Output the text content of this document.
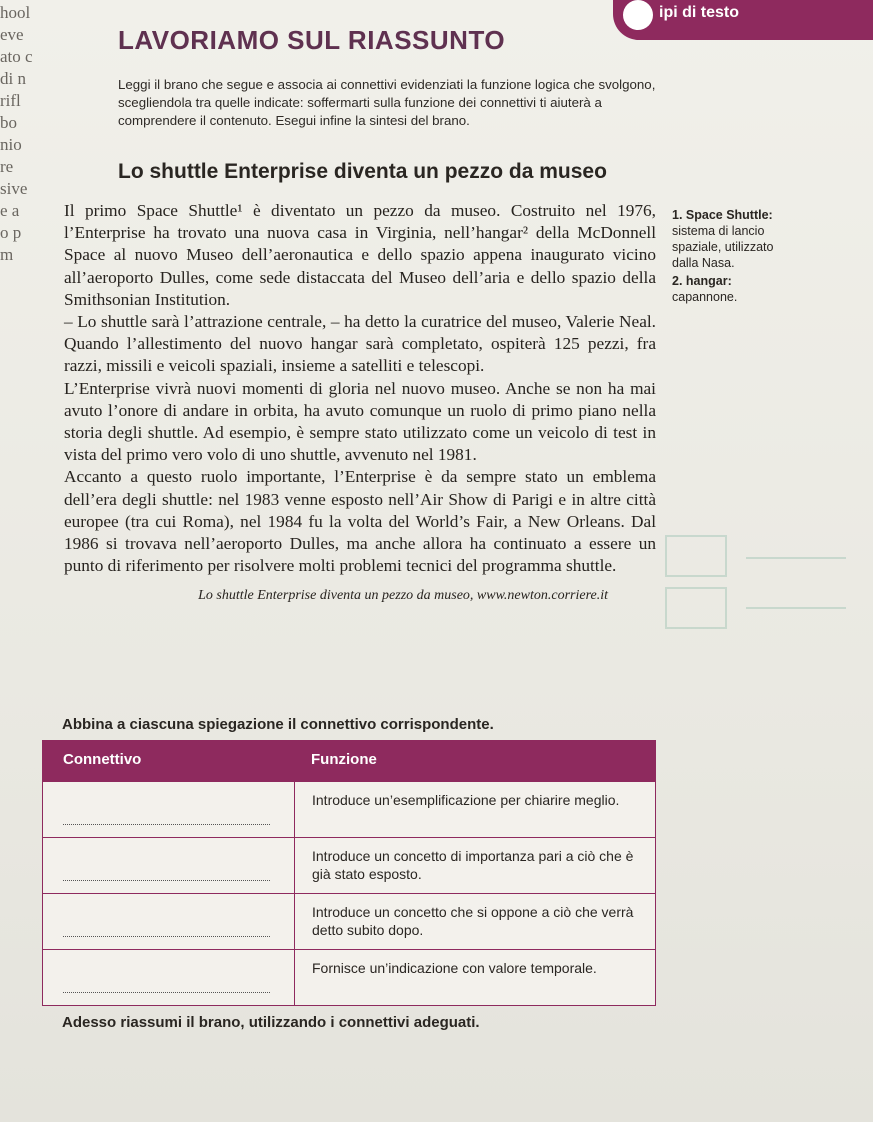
hool
eve
ato c
di n
rifl
bo
nio
re
sive
e a
o p
m
ipi di testo
LAVORIAMO SUL RIASSUNTO

Leggi il brano che segue e associa ai connettivi evidenziati la funzione logica che svolgono, scegliendola tra quelle indicate: soffermarti sulla funzione dei connettivi ti aiuterà a comprendere il contenuto. Esegui infine la sintesi del brano.

Lo shuttle Enterprise diventa un pezzo da museo

Il primo Space Shuttle¹ è diventato un pezzo da museo. Costruito nel 1976, l’Enterprise ha trovato una nuova casa in Virginia, nell’hangar² della McDonnell Space al nuovo Museo dell’aeronautica e dello spazio appena inaugurato vicino all’aeroporto Dulles, come sede distaccata del Museo dell’aria e dello spazio della Smithsonian Institution.

– Lo shuttle sarà l’attrazione centrale, – ha detto la curatrice del museo, Valerie Neal. Quando l’allestimento del nuovo hangar sarà completato, ospiterà 125 pezzi, fra razzi, missili e veicoli spaziali, insieme a satelliti e telescopi.

L’Enterprise vivrà nuovi momenti di gloria nel nuovo museo. Anche se non ha mai avuto l’onore di andare in orbita, ha avuto comunque un ruolo di primo piano nella storia degli shuttle. Ad esempio, è sempre stato utilizzato come un veicolo di test in vista del primo vero volo di uno shuttle, avvenuto nel 1981.

Accanto a questo ruolo importante, l’Enterprise è da sempre stato un emblema dell’era degli shuttle: nel 1983 venne esposto nell’Air Show di Parigi e in altre città europee (tra cui Roma), nel 1984 fu la volta del World’s Fair, a New Orleans. Dal 1986 si trovava nell’aeroporto Dulles, ma anche allora ha continuato a essere un punto di riferimento per risolvere molti problemi tecnici del programma shuttle.

Lo shuttle Enterprise diventa un pezzo da museo, www.newton.corriere.it

1. Space Shuttle:
sistema di lancio spaziale, utilizzato dalla Nasa.
2. hangar:
capannone.
Abbina a ciascuna spiegazione il connettivo corrispondente.
Connettivo	Funzione
Introduce un’esemplificazione per chiarire meglio.
Introduce un concetto di importanza pari a ciò che è già stato esposto.
Introduce un concetto che si oppone a ciò che verrà detto subito dopo.
Fornisce un’indicazione con valore temporale.
Adesso riassumi il brano, utilizzando i connettivi adeguati.
